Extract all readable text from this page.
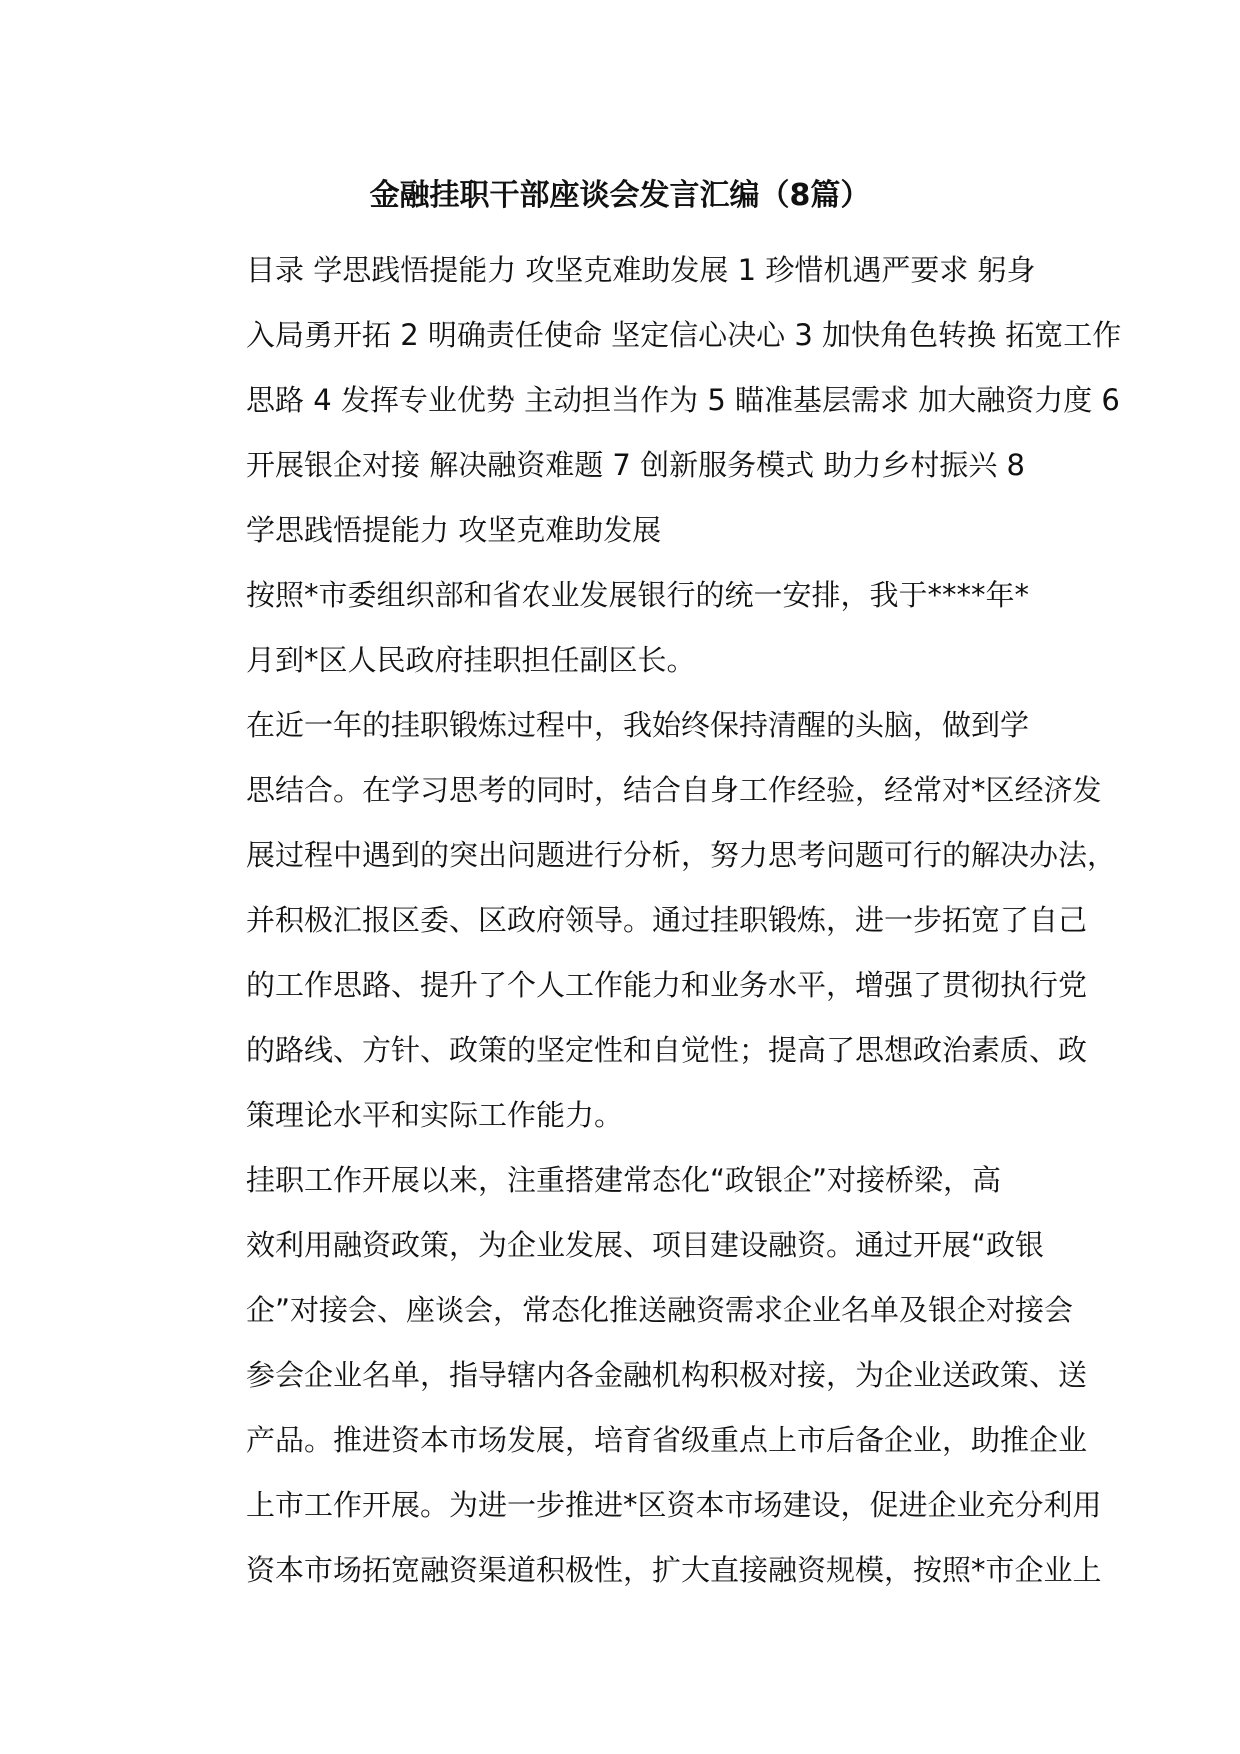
金融挂职干部座谈会发言汇编（8篇）

目录 学思践悟提能力 攻坚克难助发展 1 珍惜机遇严要求 躬身
入局勇开拓 2 明确责任使命 坚定信心决心 3 加快角色转换 拓宽工作
思路 4 发挥专业优势 主动担当作为 5 瞄准基层需求 加大融资力度 6
开展银企对接 解决融资难题 7 创新服务模式 助力乡村振兴 8

学思践悟提能力 攻坚克难助发展

按照*市委组织部和省农业发展银行的统一安排，我于****年*
月到*区人民政府挂职担任副区长。

在近一年的挂职锻炼过程中，我始终保持清醒的头脑，做到学
思结合。在学习思考的同时，结合自身工作经验，经常对*区经济发
展过程中遇到的突出问题进行分析，努力思考问题可行的解决办法，
并积极汇报区委、区政府领导。通过挂职锻炼，进一步拓宽了自己
的工作思路、提升了个人工作能力和业务水平，增强了贯彻执行党
的路线、方针、政策的坚定性和自觉性；提高了思想政治素质、政
策理论水平和实际工作能力。

挂职工作开展以来，注重搭建常态化“政银企”对接桥梁，高
效利用融资政策，为企业发展、项目建设融资。通过开展“政银
企”对接会、座谈会，常态化推送融资需求企业名单及银企对接会
参会企业名单，指导辖内各金融机构积极对接，为企业送政策、送
产品。推进资本市场发展，培育省级重点上市后备企业，助推企业
上市工作开展。为进一步推进*区资本市场建设，促进企业充分利用
资本市场拓宽融资渠道积极性，扩大直接融资规模，按照*市企业上
